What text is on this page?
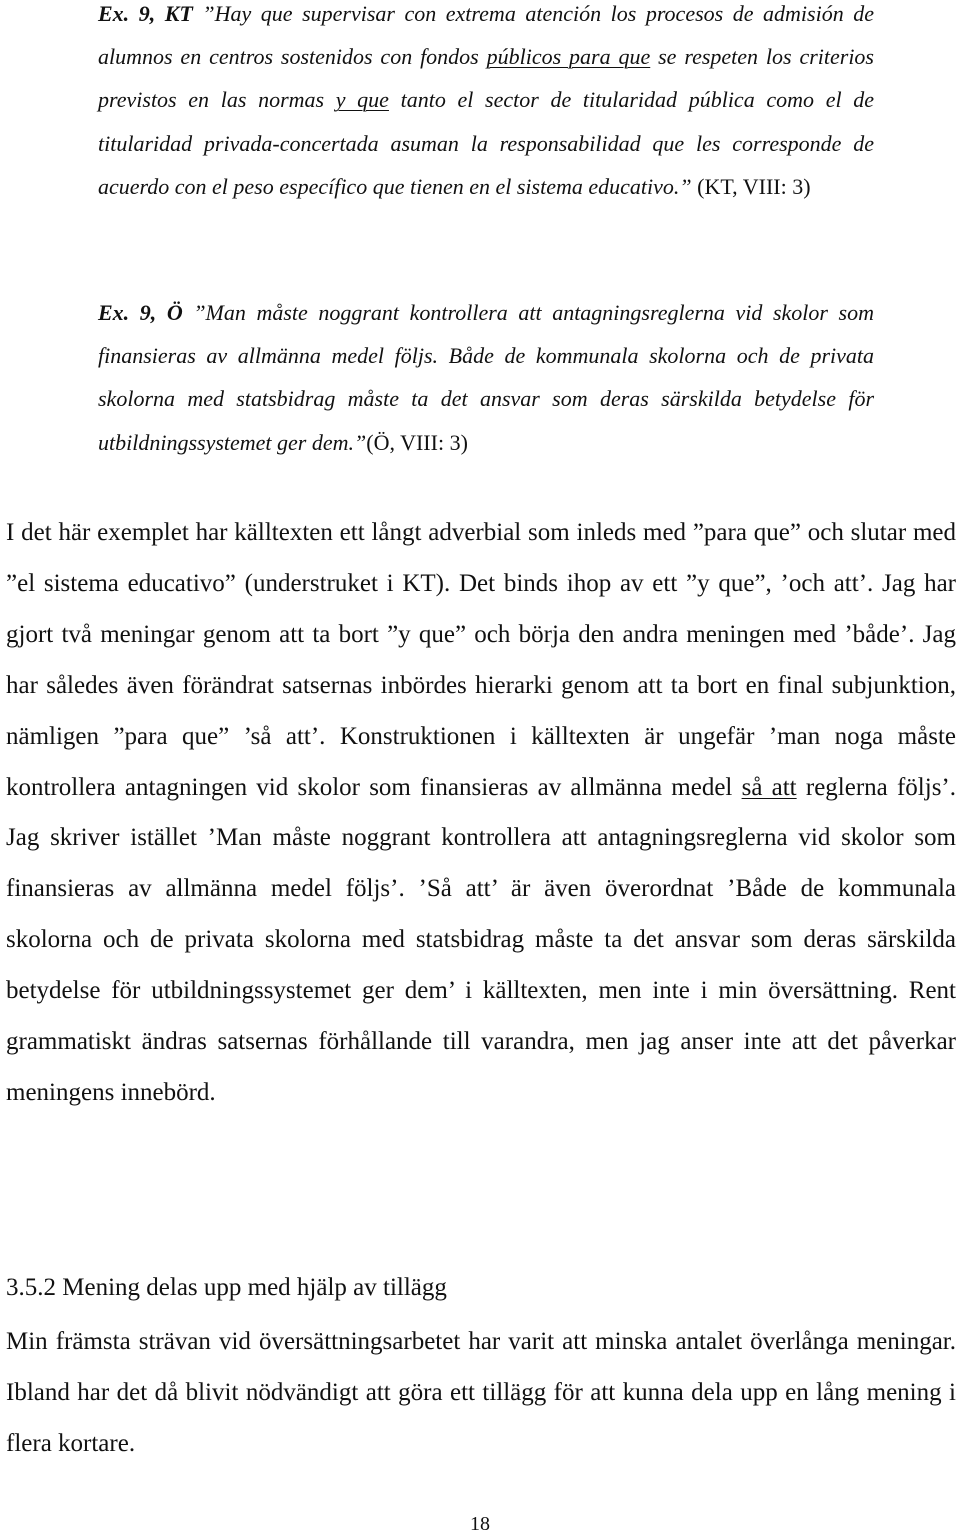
Ex. 9, KT ”Hay que supervisar con extrema atención los procesos de admisión de alumnos en centros sostenidos con fondos públicos para que se respeten los criterios previstos en las normas y que tanto el sector de titularidad pública como el de titularidad privada-concertada asuman la responsabilidad que les corresponde de acuerdo con el peso específico que tienen en el sistema educativo.” (KT, VIII: 3)

Ex. 9, Ö ”Man måste noggrant kontrollera att antagningsreglerna vid skolor som finansieras av allmänna medel följs. Både de kommunala skolorna och de privata skolorna med statsbidrag måste ta det ansvar som deras särskilda betydelse för utbildningssystemet ger dem.”(Ö, VIII: 3)

I det här exemplet har källtexten ett långt adverbial som inleds med ”para que” och slutar med ”el sistema educativo” (understruket i KT). Det binds ihop av ett ”y que”, ’och att’. Jag har gjort två meningar genom att ta bort ”y que” och börja den andra meningen med ’både’. Jag har således även förändrat satsernas inbördes hierarki genom att ta bort en final subjunktion, nämligen ”para que” ’så att’. Konstruktionen i källtexten är ungefär ’man noga måste kontrollera antagningen vid skolor som finansieras av allmänna medel så att reglerna följs’. Jag skriver istället ’Man måste noggrant kontrollera att antagningsreglerna vid skolor som finansieras av allmänna medel följs’. ’Så att’ är även överordnat ’Både de kommunala skolorna och de privata skolorna med statsbidrag måste ta det ansvar som deras särskilda betydelse för utbildningssystemet ger dem’ i källtexten, men inte i min översättning. Rent grammatiskt ändras satsernas förhållande till varandra, men jag anser inte att det påverkar meningens innebörd.

3.5.2 Mening delas upp med hjälp av tillägg

Min främsta strävan vid översättningsarbetet har varit att minska antalet överlånga meningar. Ibland har det då blivit nödvändigt att göra ett tillägg för att kunna dela upp en lång mening i flera kortare.

18
